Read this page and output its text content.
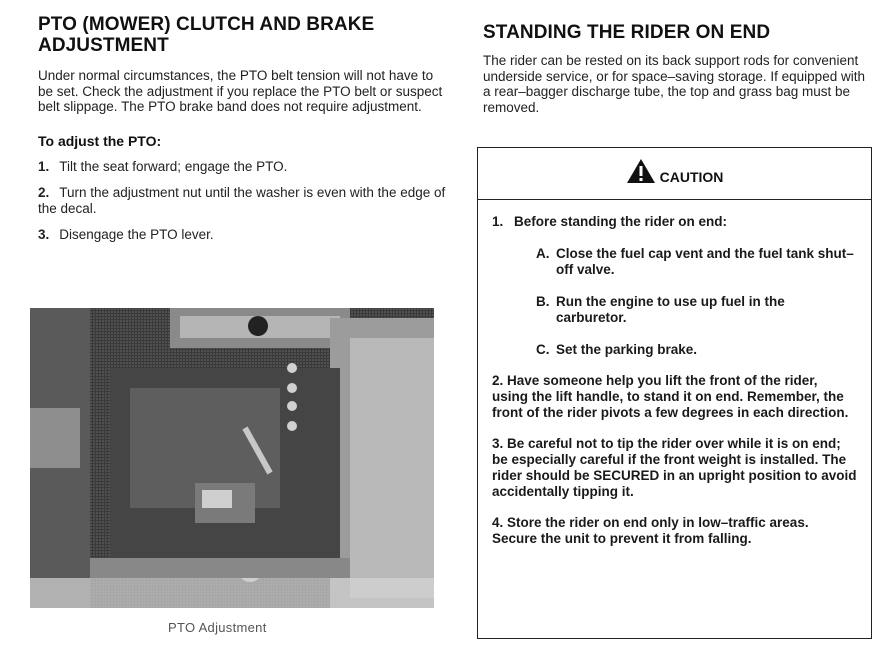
PTO (MOWER) CLUTCH AND BRAKE ADJUSTMENT

Under normal circumstances, the PTO belt tension will not have to be set. Check the adjustment if you replace the PTO belt or suspect belt slippage. The PTO brake band does not require adjustment.

To adjust the PTO:

1. Tilt the seat forward; engage the PTO.

2. Turn the adjustment nut until the washer is even with the edge of the decal.

3. Disengage the PTO lever.

PTO Adjustment

STANDING THE RIDER ON END

The rider can be rested on its back support rods for convenient underside service, or for space–saving storage. If equipped with a rear–bagger discharge tube, the top and grass bag must be removed.

CAUTION
1. Before standing the rider on end:
A. Close the fuel cap vent and the fuel tank shut–off valve.
B. Run the engine to use up fuel in the carburetor.
C. Set the parking brake.

2. Have someone help you lift the front of the rider, using the lift handle, to stand it on end. Remember, the front of the rider pivots a few degrees in each direction.

3. Be careful not to tip the rider over while it is on end; be especially careful if the front weight is installed. The rider should be SECURED in an upright position to avoid accidentally tipping it.

4. Store the rider on end only in low–traffic areas. Secure the unit to prevent it from falling.
